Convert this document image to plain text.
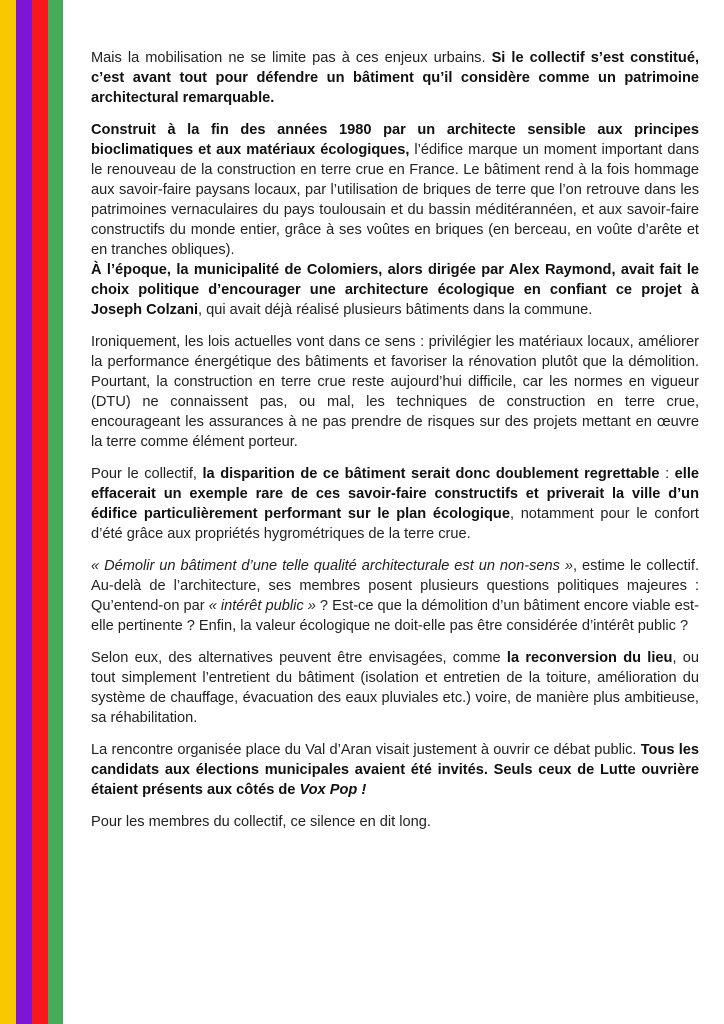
Mais la mobilisation ne se limite pas à ces enjeux urbains. Si le collectif s’est constitué, c’est avant tout pour défendre un bâtiment qu’il considère comme un patrimoine architectural remarquable.

Construit à la fin des années 1980 par un architecte sensible aux principes bioclimatiques et aux matériaux écologiques, l’édifice marque un moment important dans le renouveau de la construction en terre crue en France. Le bâtiment rend à la fois hommage aux savoir-faire paysans locaux, par l’utilisation de briques de terre que l’on retrouve dans les patrimoines vernaculaires du pays toulousain et du bassin méditérannéen, et aux savoir-faire constructifs du monde entier, grâce à ses voûtes en briques (en berceau, en voûte d’arête et en tranches obliques).

À l’époque, la municipalité de Colomiers, alors dirigée par Alex Raymond, avait fait le choix politique d’encourager une architecture écologique en confiant ce projet à Joseph Colzani, qui avait déjà réalisé plusieurs bâtiments dans la commune.

Ironiquement, les lois actuelles vont dans ce sens : privilégier les matériaux locaux, améliorer la performance énergétique des bâtiments et favoriser la rénovation plutôt que la démolition. Pourtant, la construction en terre crue reste aujourd’hui difficile, car les normes en vigueur (DTU) ne connaissent pas, ou mal, les techniques de construction en terre crue, encourageant les assurances à ne pas prendre de risques sur des projets mettant en œuvre la terre comme élément porteur.

Pour le collectif, la disparition de ce bâtiment serait donc doublement regrettable : elle effacerait un exemple rare de ces savoir-faire constructifs et priverait la ville d’un édifice particulièrement performant sur le plan écologique, notamment pour le confort d’été grâce aux propriétés hygrométriques de la terre crue.

« Démolir un bâtiment d’une telle qualité architecturale est un non-sens », estime le collectif. Au-delà de l’architecture, ses membres posent plusieurs questions politiques majeures : Qu’entend-on par « intérêt public » ? Est-ce que la démolition d’un bâtiment encore viable est-elle pertinente ? Enfin, la valeur écologique ne doit-elle pas être considérée d’intérêt public ?

Selon eux, des alternatives peuvent être envisagées, comme la reconversion du lieu, ou tout simplement l’entretient du bâtiment (isolation et entretien de la toiture, amélioration du système de chauffage, évacuation des eaux pluviales etc.) voire, de manière plus ambitieuse, sa réhabilitation.

La rencontre organisée place du Val d’Aran visait justement à ouvrir ce débat public. Tous les candidats aux élections municipales avaient été invités. Seuls ceux de Lutte ouvrière étaient présents aux côtés de Vox Pop !

Pour les membres du collectif, ce silence en dit long.
